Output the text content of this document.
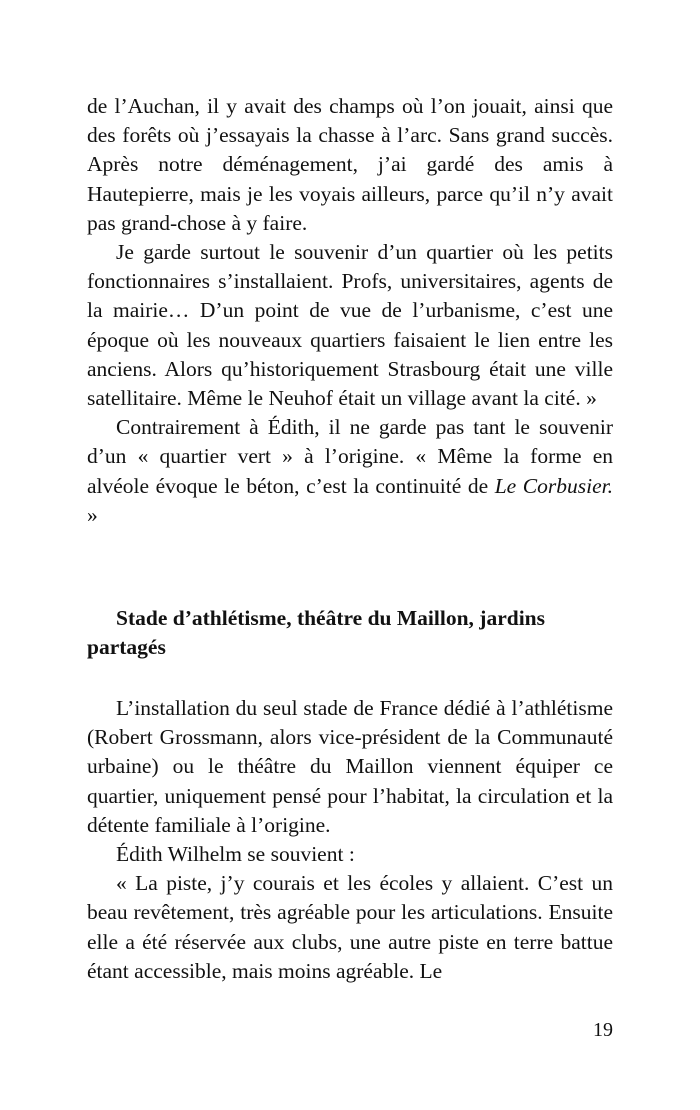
de l’Auchan, il y avait des champs où l’on jouait, ainsi que des forêts où j’essayais la chasse à l’arc. Sans grand succès. Après notre déménagement, j’ai gardé des amis à Hautepierre, mais je les voyais ailleurs, parce qu’il n’y avait pas grand-chose à y faire.

Je garde surtout le souvenir d’un quartier où les petits fonctionnaires s’installaient. Profs, universitaires, agents de la mairie… D’un point de vue de l’urbanisme, c’est une époque où les nouveaux quartiers faisaient le lien entre les anciens. Alors qu’historiquement Strasbourg était une ville satellitaire. Même le Neuhof était un village avant la cité. »

Contrairement à Édith, il ne garde pas tant le souvenir d’un « quartier vert » à l’origine. « Même la forme en alvéole évoque le béton, c’est la continuité de Le Corbusier. »

Stade d’athlétisme, théâtre du Maillon, jardins
partagés

L’installation du seul stade de France dédié à l’athlétisme (Robert Grossmann, alors vice-président de la Communauté urbaine) ou le théâtre du Maillon viennent équiper ce quartier, uniquement pensé pour l’habitat, la circulation et la détente familiale à l’origine.

Édith Wilhelm se souvient :

« La piste, j’y courais et les écoles y allaient. C’est un beau revêtement, très agréable pour les articulations. Ensuite elle a été réservée aux clubs, une autre piste en terre battue étant accessible, mais moins agréable. Le

19
